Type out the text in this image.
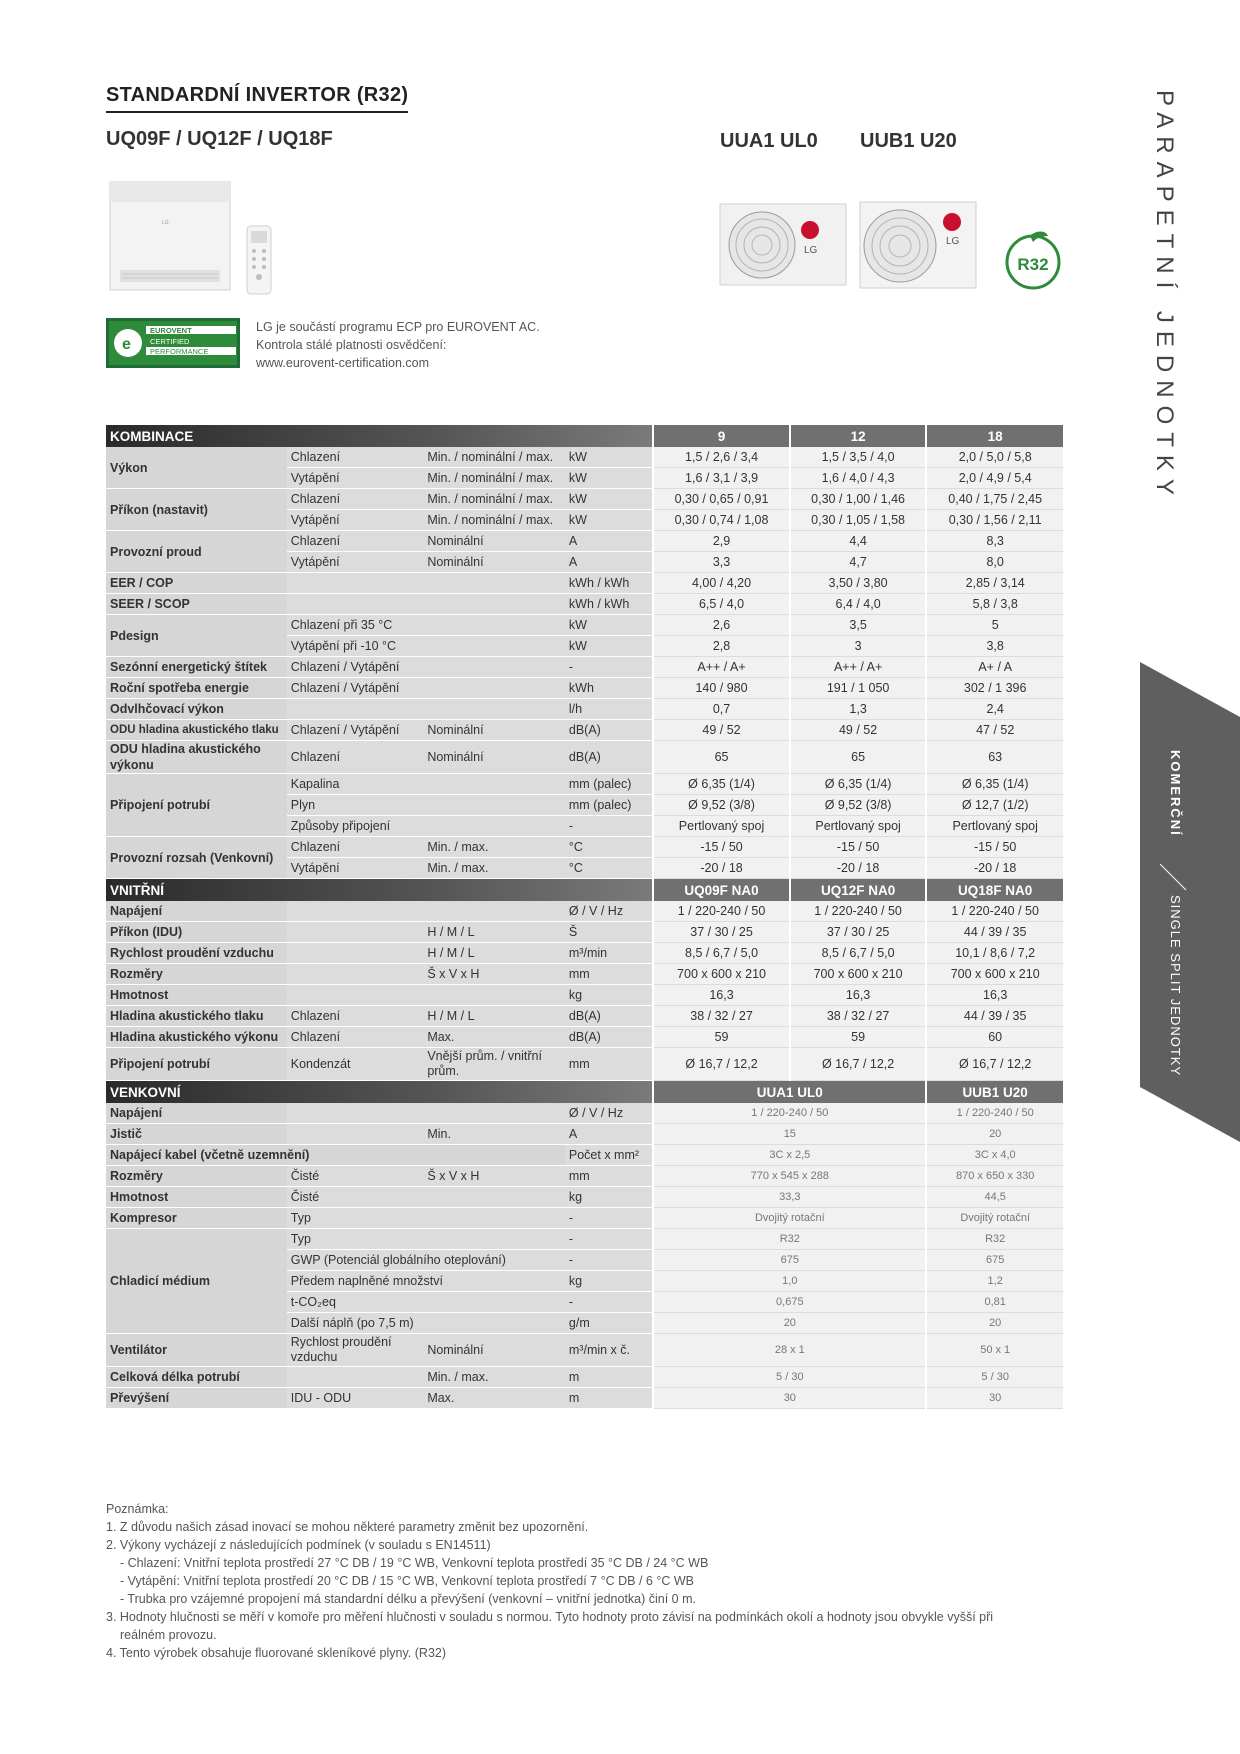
STANDARDNÍ INVERTOR (R32)
UQ09F / UQ12F / UQ18F	UUA1 UL0 UUB1 U20	PARAPETNÍ JEDNOTKY
KOMERČNÍ
SINGLE SPLIT JEDNOTKY
LG
LG
LG
R32
e
EUROVENT
CERTIFIED
PERFORMANCE
LG je součástí programu ECP pro EUROVENT AC.
Kontrola stálé platnosti osvědčení:
www.eurovent-certification.com
KOMBINACE				9	12	18
Výkon	Chlazení	Min. / nominální / max.	kW	1,5 / 2,6 / 3,4	1,5 / 3,5 / 4,0	2,0 / 5,0 / 5,8
	Vytápění	Min. / nominální / max.	kW	1,6 / 3,1 / 3,9	1,6 / 4,0 / 4,3	2,0 / 4,9 / 5,4
Příkon (nastavit)	Chlazení	Min. / nominální / max.	kW	0,30 / 0,65 / 0,91	0,30 / 1,00 / 1,46	0,40 / 1,75 / 2,45
	Vytápění	Min. / nominální / max.	kW	0,30 / 0,74 / 1,08	0,30 / 1,05 / 1,58	0,30 / 1,56 / 2,11
Provozní proud	Chlazení	Nominální	A	2,9	4,4	8,3
	Vytápění	Nominální	A	3,3	4,7	8,0
EER / COP			kWh / kWh	4,00 / 4,20	3,50 / 3,80	2,85 / 3,14
SEER / SCOP			kWh / kWh	6,5 / 4,0	6,4 / 4,0	5,8 / 3,8
Pdesign	Chlazení při 35 °C		kW	2,6	3,5	5
	Vytápění při -10 °C		kW	2,8	3	3,8
Sezónní energetický štítek	Chlazení / Vytápění		-	A++ / A+	A++ / A+	A+ / A
Roční spotřeba energie	Chlazení / Vytápění		kWh	140 / 980	191 / 1 050	302 / 1 396
Odvlhčovací výkon			l/h	0,7	1,3	2,4
ODU hladina akustického tlaku	Chlazení / Vytápění	Nominální	dB(A)	49 / 52	49 / 52	47 / 52
ODU hladina akustického výkonu	Chlazení	Nominální	dB(A)	65	65	63
Připojení potrubí	Kapalina		mm (palec)	Ø 6,35 (1/4)	Ø 6,35 (1/4)	Ø 6,35 (1/4)
	Plyn		mm (palec)	Ø 9,52 (3/8)	Ø 9,52 (3/8)	Ø 12,7 (1/2)
	Způsoby připojení		-	Pertlovaný spoj	Pertlovaný spoj	Pertlovaný spoj
Provozní rozsah (Venkovní)	Chlazení	Min. / max.	°C	-15 / 50	-15 / 50	-15 / 50
	Vytápění	Min. / max.	°C	-20 / 18	-20 / 18	-20 / 18
VNITŘNÍ				UQ09F NA0	UQ12F NA0	UQ18F NA0
Napájení			Ø / V / Hz	1 / 220-240 / 50	1 / 220-240 / 50	1 / 220-240 / 50
Příkon (IDU)		H / M / L	Š	37 / 30 / 25	37 / 30 / 25	44 / 39 / 35
Rychlost proudění vzduchu		H / M / L	m³/min	8,5 / 6,7 / 5,0	8,5 / 6,7 / 5,0	10,1 / 8,6 / 7,2
Rozměry		Š x V x H	mm	700 x 600 x 210	700 x 600 x 210	700 x 600 x 210
Hmotnost			kg	16,3	16,3	16,3
Hladina akustického tlaku	Chlazení	H / M / L	dB(A)	38 / 32 / 27	38 / 32 / 27	44 / 39 / 35
Hladina akustického výkonu	Chlazení	Max.	dB(A)	59	59	60
Připojení potrubí	Kondenzát	Vnější prům. / vnitřní prům.	mm	Ø 16,7 / 12,2	Ø 16,7 / 12,2	Ø 16,7 / 12,2
VENKOVNÍ				UUA1 UL0		UUB1 U20
Napájení			Ø / V / Hz	1 / 220-240 / 50		1 / 220-240 / 50
Jistič		Min.	A	15		20
Napájecí kabel (včetně uzemnění)			Počet x mm²	3C x 2,5		3C x 4,0
Rozměry	Čisté	Š x V x H	mm	770 x 545 x 288		870 x 650 x 330
Hmotnost	Čisté		kg	33,3		44,5
Kompresor	Typ		-	Dvojitý rotační		Dvojitý rotační
Chladicí médium	Typ		-	R32		R32
	GWP (Potenciál globálního oteplování)		-	675		675
	Předem naplněné množství		kg	1,0		1,2
	t-CO₂eq		-	0,675		0,81
	Další náplň (po 7,5 m)		g/m	20		20
Ventilátor	Rychlost proudění vzduchu	Nominální	m³/min x č.	28 x 1		50 x 1
Celková délka potrubí		Min. / max.	m	5 / 30		5 / 30
Převýšení	IDU - ODU	Max.	m	30		30
Poznámka:
1. Z důvodu našich zásad inovací se mohou některé parametry změnit bez upozornění.
2. Výkony vycházejí z následujících podmínek (v souladu s EN14511)
- Chlazení: Vnitřní teplota prostředí 27 °C DB / 19 °C WB, Venkovní teplota prostředí 35 °C DB / 24 °C WB
- Vytápění: Vnitřní teplota prostředí 20 °C DB / 15 °C WB, Venkovní teplota prostředí 7 °C DB / 6 °C WB
- Trubka pro vzájemné propojení má standardní délku a převýšení (venkovní – vnitřní jednotka) činí 0 m.
3. Hodnoty hlučnosti se měří v komoře pro měření hlučnosti v souladu s normou. Tyto hodnoty proto závisí na podmínkách okolí a hodnoty jsou obvykle vyšší při
reálném provozu.
4. Tento výrobek obsahuje fluorované skleníkové plyny. (R32)
